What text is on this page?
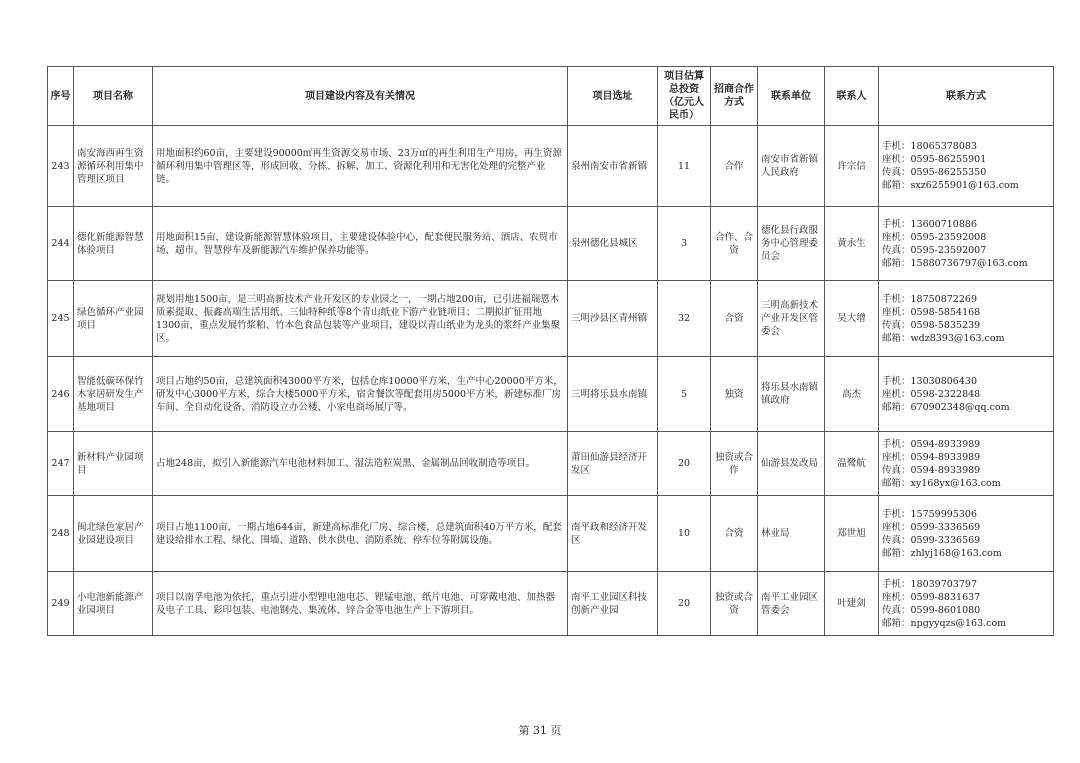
序号	项目名称	项目建设内容及有关情况	项目选址	项目估算总投资（亿元人民币）	招商合作方式	联系单位	联系人	联系方式
243	南安海西再生资源循环利用集中管理区项目	用地面积约60亩，主要建设90000㎡再生资源交易市场、23万㎡的再生利用生产用房，再生资源循环利用集中管理区等，形成回收、分拣、拆解、加工、资源化利用和无害化处理的完整产业链。	泉州南安市省新镇	11	合作	南安市省新镇人民政府	许宗信	手机：18065378083
座机：0595-86255901
传真：0595-86255350
邮箱：sxz6255901@163.com

244	德化新能源智慧体验项目	用地面积15亩，建设新能源智慧体验项目，主要建设体验中心，配套便民服务站、酒店、农贸市场、超市、智慧停车及新能源汽车维护保养功能等。	泉州德化县城区	3	合作、合资	德化县行政服务中心管理委员会	黄永生	手机：13600710886
座机：0595-23592008
传真：0595-23592007
邮箱：15880736797@163.com

245	绿色循环产业园项目	规划用地1500亩，是三明高新技术产业开发区的专业园之一，一期占地200亩，已引进福瑞恩木质素提取、振鑫高端生活用纸、三仙特种纸等8个青山纸业下游产业链项目；二期拟扩征用地1300亩，重点发展竹浆粕、竹本色食品包装等产业项目，建设以青山纸业为龙头的浆纤产业集聚区。	三明沙县区青州镇	32	合资	三明高新技术产业开发区管委会	吴大增	手机：18750872269
座机：0598-5854168
传真：0598-5835239
邮箱：wdz8393@163.com

246	智能低碳环保竹木家居研发生产基地项目	项目占地约50亩，总建筑面积43000平方米，包括仓库10000平方米，生产中心20000平方米，研发中心3000平方米，综合大楼5000平方米，宿舍餐饮等配套用房5000平方米，新建标准厂房车间、全自动化设备、消防设立办公楼、小家电商场展厅等。	三明将乐县水南镇	5	独资	将乐县水南镇镇政府	高杰	手机：13030806430
座机：0598-2322848
邮箱：670902348@qq.com

247	新材料产业园项目	占地248亩，拟引入新能源汽车电池材料加工、湿法造粒炭黑、金属制品回收制造等项目。	莆田仙游县经济开发区	20	独资或合作	仙游县发改局	温鹭航	手机：0594-8933989
座机：0594-8933989
传真：0594-8933989
邮箱：xy168yx@163.com

248	闽北绿色家居产业园建设项目	项目占地1100亩，一期占地644亩，新建高标准化厂房、综合楼，总建筑面积40万平方米，配套建设给排水工程、绿化、围墙、道路、供水供电、消防系统、停车位等附属设施。	南平政和经济开发区	10	合资	林业局	郑世旭	手机：15759995306
座机：0599-3336569
传真：0599-3336569
邮箱：zhlyj168@163.com

249	小电池新能源产业园项目	项目以南孚电池为依托，重点引进小型锂电池电芯、锂锰电池、纸片电池、可穿戴电池、加热器及电子工具、彩印包装、电池钢壳、集流体、锌合金等电池生产上下游项目。	南平工业园区科技创新产业园	20	独资或合资	南平工业园区管委会	叶建剑	手机：18039703797
座机：0599-8831637
传真：0599-8601080
邮箱：npgyyqzs@163.com
第 31 页
